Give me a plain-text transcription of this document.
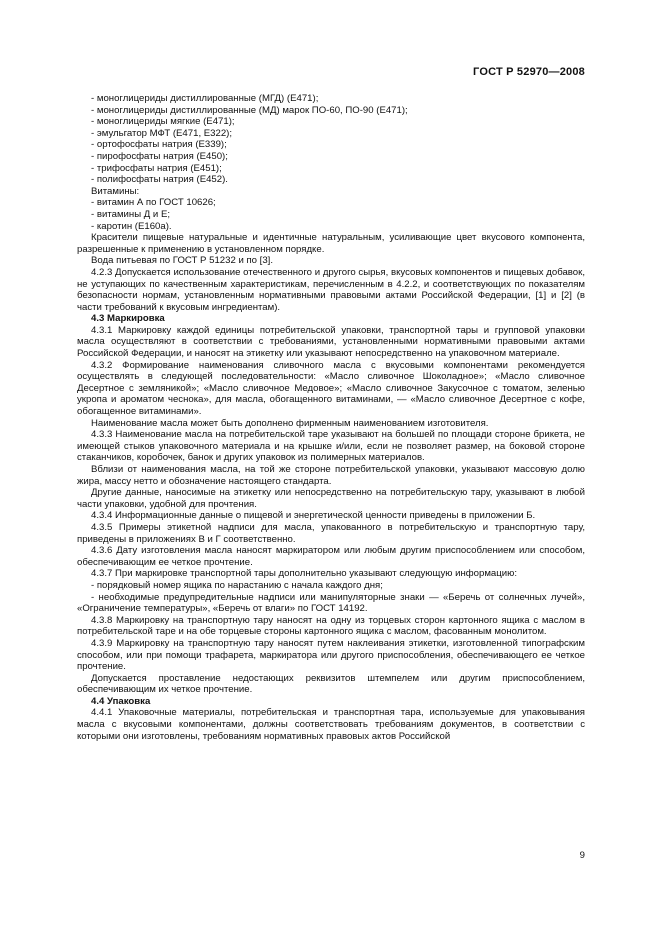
ГОСТ Р 52970—2008

- моноглицериды дистиллированные (МГД) (Е471);

- моноглицериды дистиллированные (МД) марок ПО-60, ПО-90 (Е471);

- моноглицериды мягкие (Е471);

- эмульгатор МФТ (Е471, Е322);

- ортофосфаты натрия (Е339);

- пирофосфаты натрия (Е450);

- трифосфаты натрия (Е451);

- полифосфаты натрия (Е452).

Витамины:

- витамин А по ГОСТ 10626;

- витамины Д и Е;

- каротин (Е160а).

Красители пищевые натуральные и идентичные натуральным, усиливающие цвет вкусового компонента, разрешенные к применению в установленном порядке.

Вода питьевая по ГОСТ Р 51232 и по [3].

4.2.3 Допускается использование отечественного и другого сырья, вкусовых компонентов и пищевых добавок, не уступающих по качественным характеристикам, перечисленным в 4.2.2, и соответствующих по показателям безопасности нормам, установленным нормативными правовыми актами Российской Федерации, [1] и [2] (в части требований к вкусовым ингредиентам).

4.3 Маркировка

4.3.1 Маркировку каждой единицы потребительской упаковки, транспортной тары и групповой упаковки масла осуществляют в соответствии с требованиями, установленными нормативными правовыми актами Российской Федерации, и наносят на этикетку или указывают непосредственно на упаковочном материале.

4.3.2 Формирование наименования сливочного масла с вкусовыми компонентами рекомендуется осуществлять в следующей последовательности: «Масло сливочное Шоколадное»; «Масло сливочное Десертное с земляникой»; «Масло сливочное Медовое»; «Масло сливочное Закусочное с томатом, зеленью укропа и ароматом чеснока», для масла, обогащенного витаминами, — «Масло сливочное Десертное с кофе, обогащенное витаминами».

Наименование масла может быть дополнено фирменным наименованием изготовителя.

4.3.3 Наименование масла на потребительской таре указывают на большей по площади стороне брикета, не имеющей стыков упаковочного материала и на крышке и/или, если не позволяет размер, на боковой стороне стаканчиков, коробочек, банок и других упаковок из полимерных материалов.

Вблизи от наименования масла, на той же стороне потребительской упаковки, указывают массовую долю жира, массу нетто и обозначение настоящего стандарта.

Другие данные, наносимые на этикетку или непосредственно на потребительскую тару, указывают в любой части упаковки, удобной для прочтения.

4.3.4 Информационные данные о пищевой и энергетической ценности приведены в приложении Б.

4.3.5 Примеры этикетной надписи для масла, упакованного в потребительскую и транспортную тару, приведены в приложениях В и Г соответственно.

4.3.6 Дату изготовления масла наносят маркиратором или любым другим приспособлением или способом, обеспечивающим ее четкое прочтение.

4.3.7 При маркировке транспортной тары дополнительно указывают следующую информацию:

- порядковый номер ящика по нарастанию с начала каждого дня;

- необходимые предупредительные надписи или манипуляторные знаки — «Беречь от солнечных лучей», «Ограничение температуры», «Беречь от влаги» по ГОСТ 14192.

4.3.8 Маркировку на транспортную тару наносят на одну из торцевых сторон картонного ящика с маслом в потребительской таре и на обе торцевые стороны картонного ящика с маслом, фасованным монолитом.

4.3.9 Маркировку на транспортную тару наносят путем наклеивания этикетки, изготовленной типографским способом, или при помощи трафарета, маркиратора или другого приспособления, обеспечивающего ее четкое прочтение.

Допускается проставление недостающих реквизитов штемпелем или другим приспособлением, обеспечивающим их четкое прочтение.

4.4 Упаковка

4.4.1 Упаковочные материалы, потребительская и транспортная тара, используемые для упаковывания масла с вкусовыми компонентами, должны соответствовать требованиям документов, в соответствии с которыми они изготовлены, требованиям нормативных правовых актов Российской

9
